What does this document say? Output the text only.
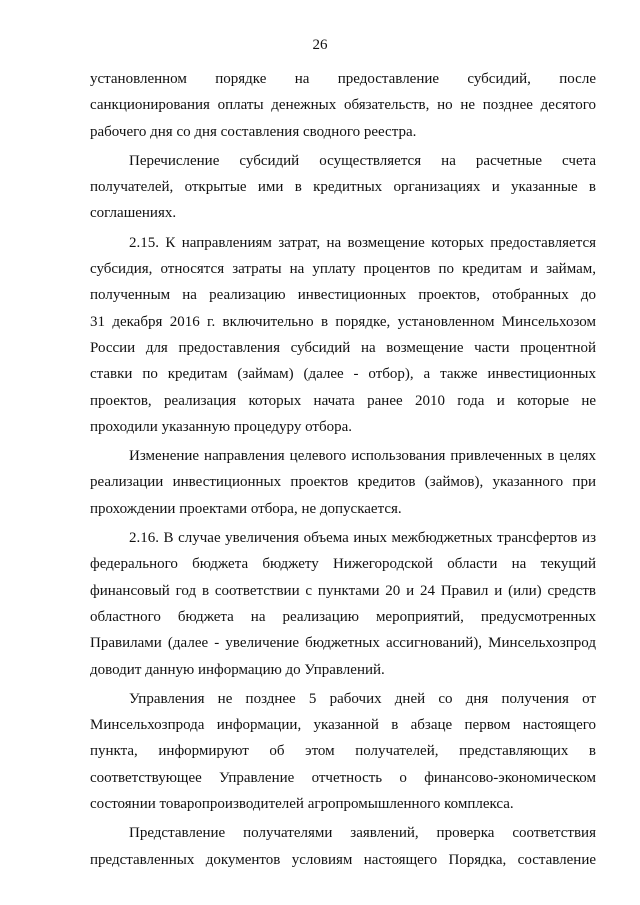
26
установленном порядке на предоставление субсидий, после
санкционирования оплаты денежных обязательств, но не позднее десятого
рабочего дня со дня составления сводного реестра.
Перечисление субсидий осуществляется на расчетные счета
получателей, открытые ими в кредитных организациях и указанные в
соглашениях.
2.15. К направлениям затрат, на возмещение которых предоставляется
субсидия, относятся затраты на уплату процентов по кредитам и займам,
полученным на реализацию инвестиционных проектов, отобранных до
31 декабря 2016 г. включительно в порядке, установленном Минсельхозом
России для предоставления субсидий на возмещение части процентной
ставки по кредитам (займам) (далее - отбор), а также инвестиционных
проектов, реализация которых начата ранее 2010 года и которые не
проходили указанную процедуру отбора.
Изменение направления целевого использования привлеченных в целях
реализации инвестиционных проектов кредитов (займов), указанного при
прохождении проектами отбора, не допускается.
2.16. В случае увеличения объема иных межбюджетных трансфертов из
федерального бюджета бюджету Нижегородской области на текущий
финансовый год в соответствии с пунктами 20 и 24 Правил и (или) средств
областного бюджета на реализацию мероприятий, предусмотренных
Правилами (далее - увеличение бюджетных ассигнований), Минсельхозпрод
доводит данную информацию до Управлений.
Управления не позднее 5 рабочих дней со дня получения от
Минсельхозпрода информации, указанной в абзаце первом настоящего
пункта, информируют об этом получателей, представляющих в
соответствующее Управление отчетность о финансово-экономическом
состоянии товаропроизводителей агропромышленного комплекса.
Представление получателями заявлений, проверка соответствия
представленных документов условиям настоящего Порядка, составление
